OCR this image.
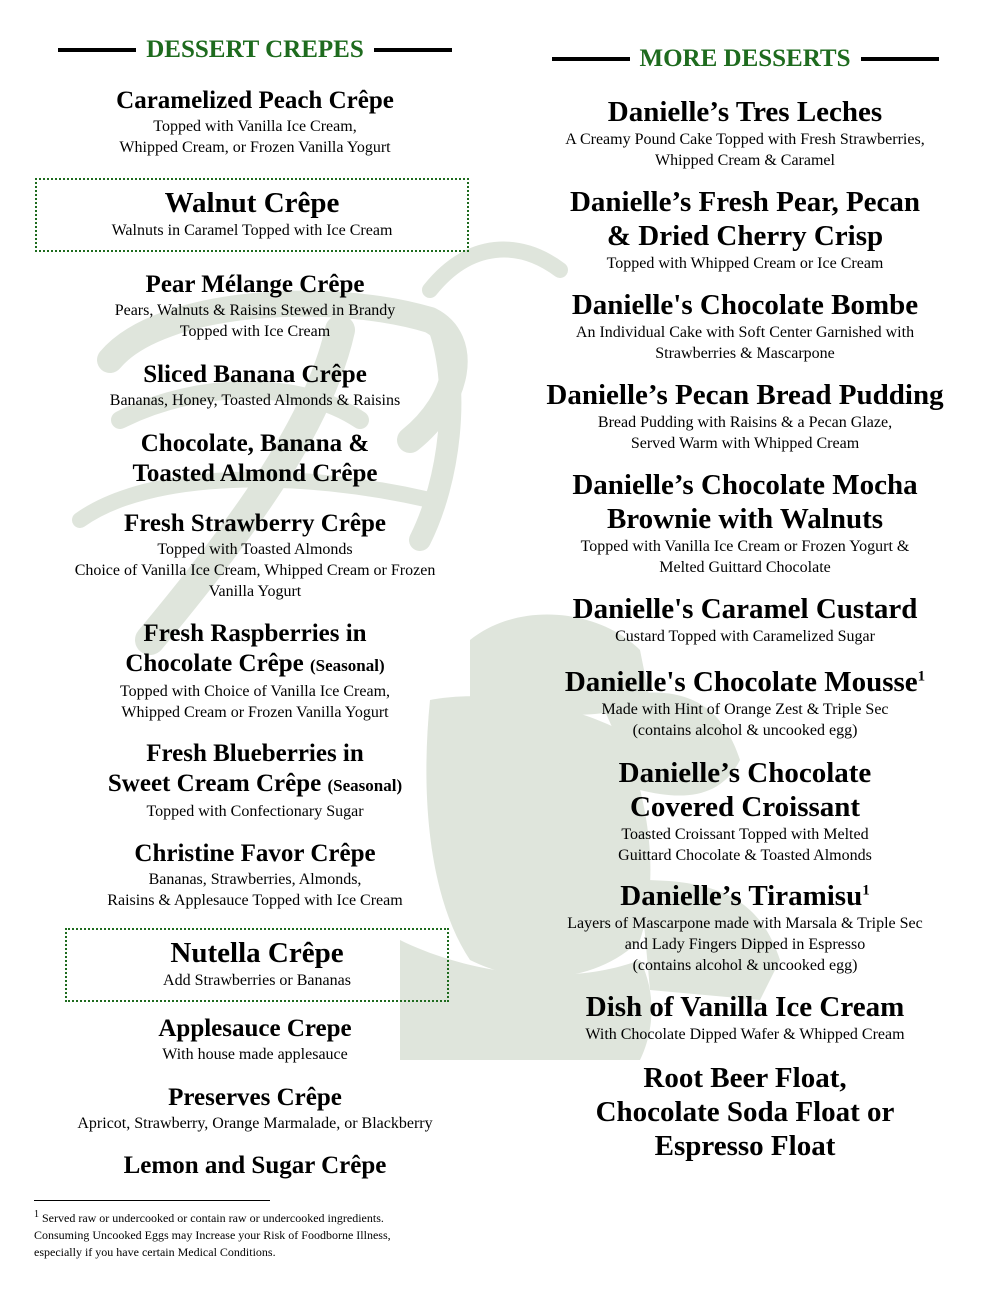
DESSERT CREPES
Caramelized Peach Crêpe
Topped with Vanilla Ice Cream,
Whipped Cream, or Frozen Vanilla Yogurt
Walnut Crêpe
Walnuts in Caramel Topped with Ice Cream
Pear Mélange Crêpe
Pears, Walnuts & Raisins Stewed in Brandy
Topped with Ice Cream
Sliced Banana Crêpe
Bananas, Honey, Toasted Almonds & Raisins
Chocolate, Banana &
Toasted Almond Crêpe
Fresh Strawberry Crêpe
Topped with Toasted Almonds
Choice of Vanilla Ice Cream, Whipped Cream or Frozen
Vanilla Yogurt
Fresh Raspberries in
Chocolate Crêpe (Seasonal)
Topped with Choice of Vanilla Ice Cream,
Whipped Cream or Frozen Vanilla Yogurt
Fresh Blueberries in
Sweet Cream Crêpe (Seasonal)
Topped with Confectionary Sugar
Christine Favor Crêpe
Bananas, Strawberries, Almonds,
Raisins & Applesauce Topped with Ice Cream
Nutella Crêpe
Add Strawberries or Bananas
Applesauce Crepe
With house made applesauce
Preserves Crêpe
Apricot, Strawberry, Orange Marmalade, or Blackberry
Lemon and Sugar Crêpe
MORE DESSERTS
Danielle’s Tres Leches
A Creamy Pound Cake Topped with Fresh Strawberries,
Whipped Cream & Caramel
Danielle’s Fresh Pear, Pecan
& Dried Cherry Crisp
Topped with Whipped Cream or Ice Cream
Danielle's Chocolate Bombe
An Individual Cake with Soft Center Garnished with
Strawberries & Mascarpone
Danielle’s Pecan Bread Pudding
Bread Pudding with Raisins & a Pecan Glaze,
Served Warm with Whipped Cream
Danielle’s Chocolate Mocha
Brownie with Walnuts
Topped with Vanilla Ice Cream or Frozen Yogurt &
Melted Guittard Chocolate
Danielle's Caramel Custard
Custard Topped with Caramelized Sugar
Danielle's Chocolate Mousse$^1$
Made with Hint of Orange Zest & Triple Sec
(contains alcohol & uncooked egg)
Danielle’s Chocolate
Covered Croissant
Toasted Croissant Topped with Melted
Guittard Chocolate & Toasted Almonds
Danielle’s Tiramisu$^1$
Layers of Mascarpone made with Marsala & Triple Sec
and Lady Fingers Dipped in Espresso
(contains alcohol & uncooked egg)
Dish of Vanilla Ice Cream
With Chocolate Dipped Wafer & Whipped Cream
Root Beer Float,
Chocolate Soda Float or
Espresso Float
$^1$ Served raw or undercooked or contain raw or undercooked ingredients.
Consuming Uncooked Eggs may Increase your Risk of Foodborne Illness,
especially if you have certain Medical Conditions.
